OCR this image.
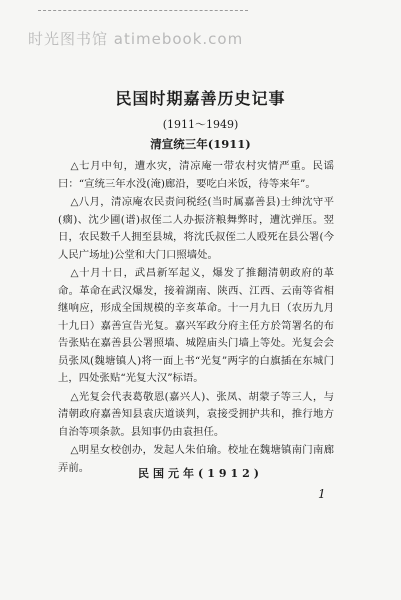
时光图书馆 atimebook.com
民国时期嘉善历史记事
(1911～1949)
清宣统三年(1911)

△七月中旬，遭水灾，清凉庵一带农村灾情严重。民谣曰：“宣统三年水没(淹)廊沿，要吃白米饭，待等来年”。

△八月，清凉庵农民责问税经(当时属嘉善县)士绅沈守平(瘸)、沈少圃(谱)叔侄二人办振济粮舞弊时，遭沈弹压。翌日，农民数千人拥至县城，将沈氏叔侄二人殴死在县公署(今人民广场址)公堂和大门口照墙处。

△十月十日，武昌新军起义，爆发了推翻清朝政府的革命。革命在武汉爆发，接着湖南、陕西、江西、云南等省相继响应，形成全国规模的辛亥革命。十一月九日（农历九月十九日）嘉善宣告光复。嘉兴军政分府主任方於笥署名的布告张贴在嘉善县公署照墙、城隍庙头门墙上等处。光复会会员张凤(魏塘镇人)将一面上书“光复”两字的白旗插在东城门上，四处张贴“光复大汉”标语。

△光复会代表葛敬恩(嘉兴人)、张凤、胡蒙子等三人，与清朝政府嘉善知县袁庆道谈判，袁接受拥护共和，推行地方自治等项条款。县知事仍由袁担任。

△明星女校创办，发起人朱伯瑜。校址在魏塘镇南门南廊弄前。	民国元年(1912)
1
